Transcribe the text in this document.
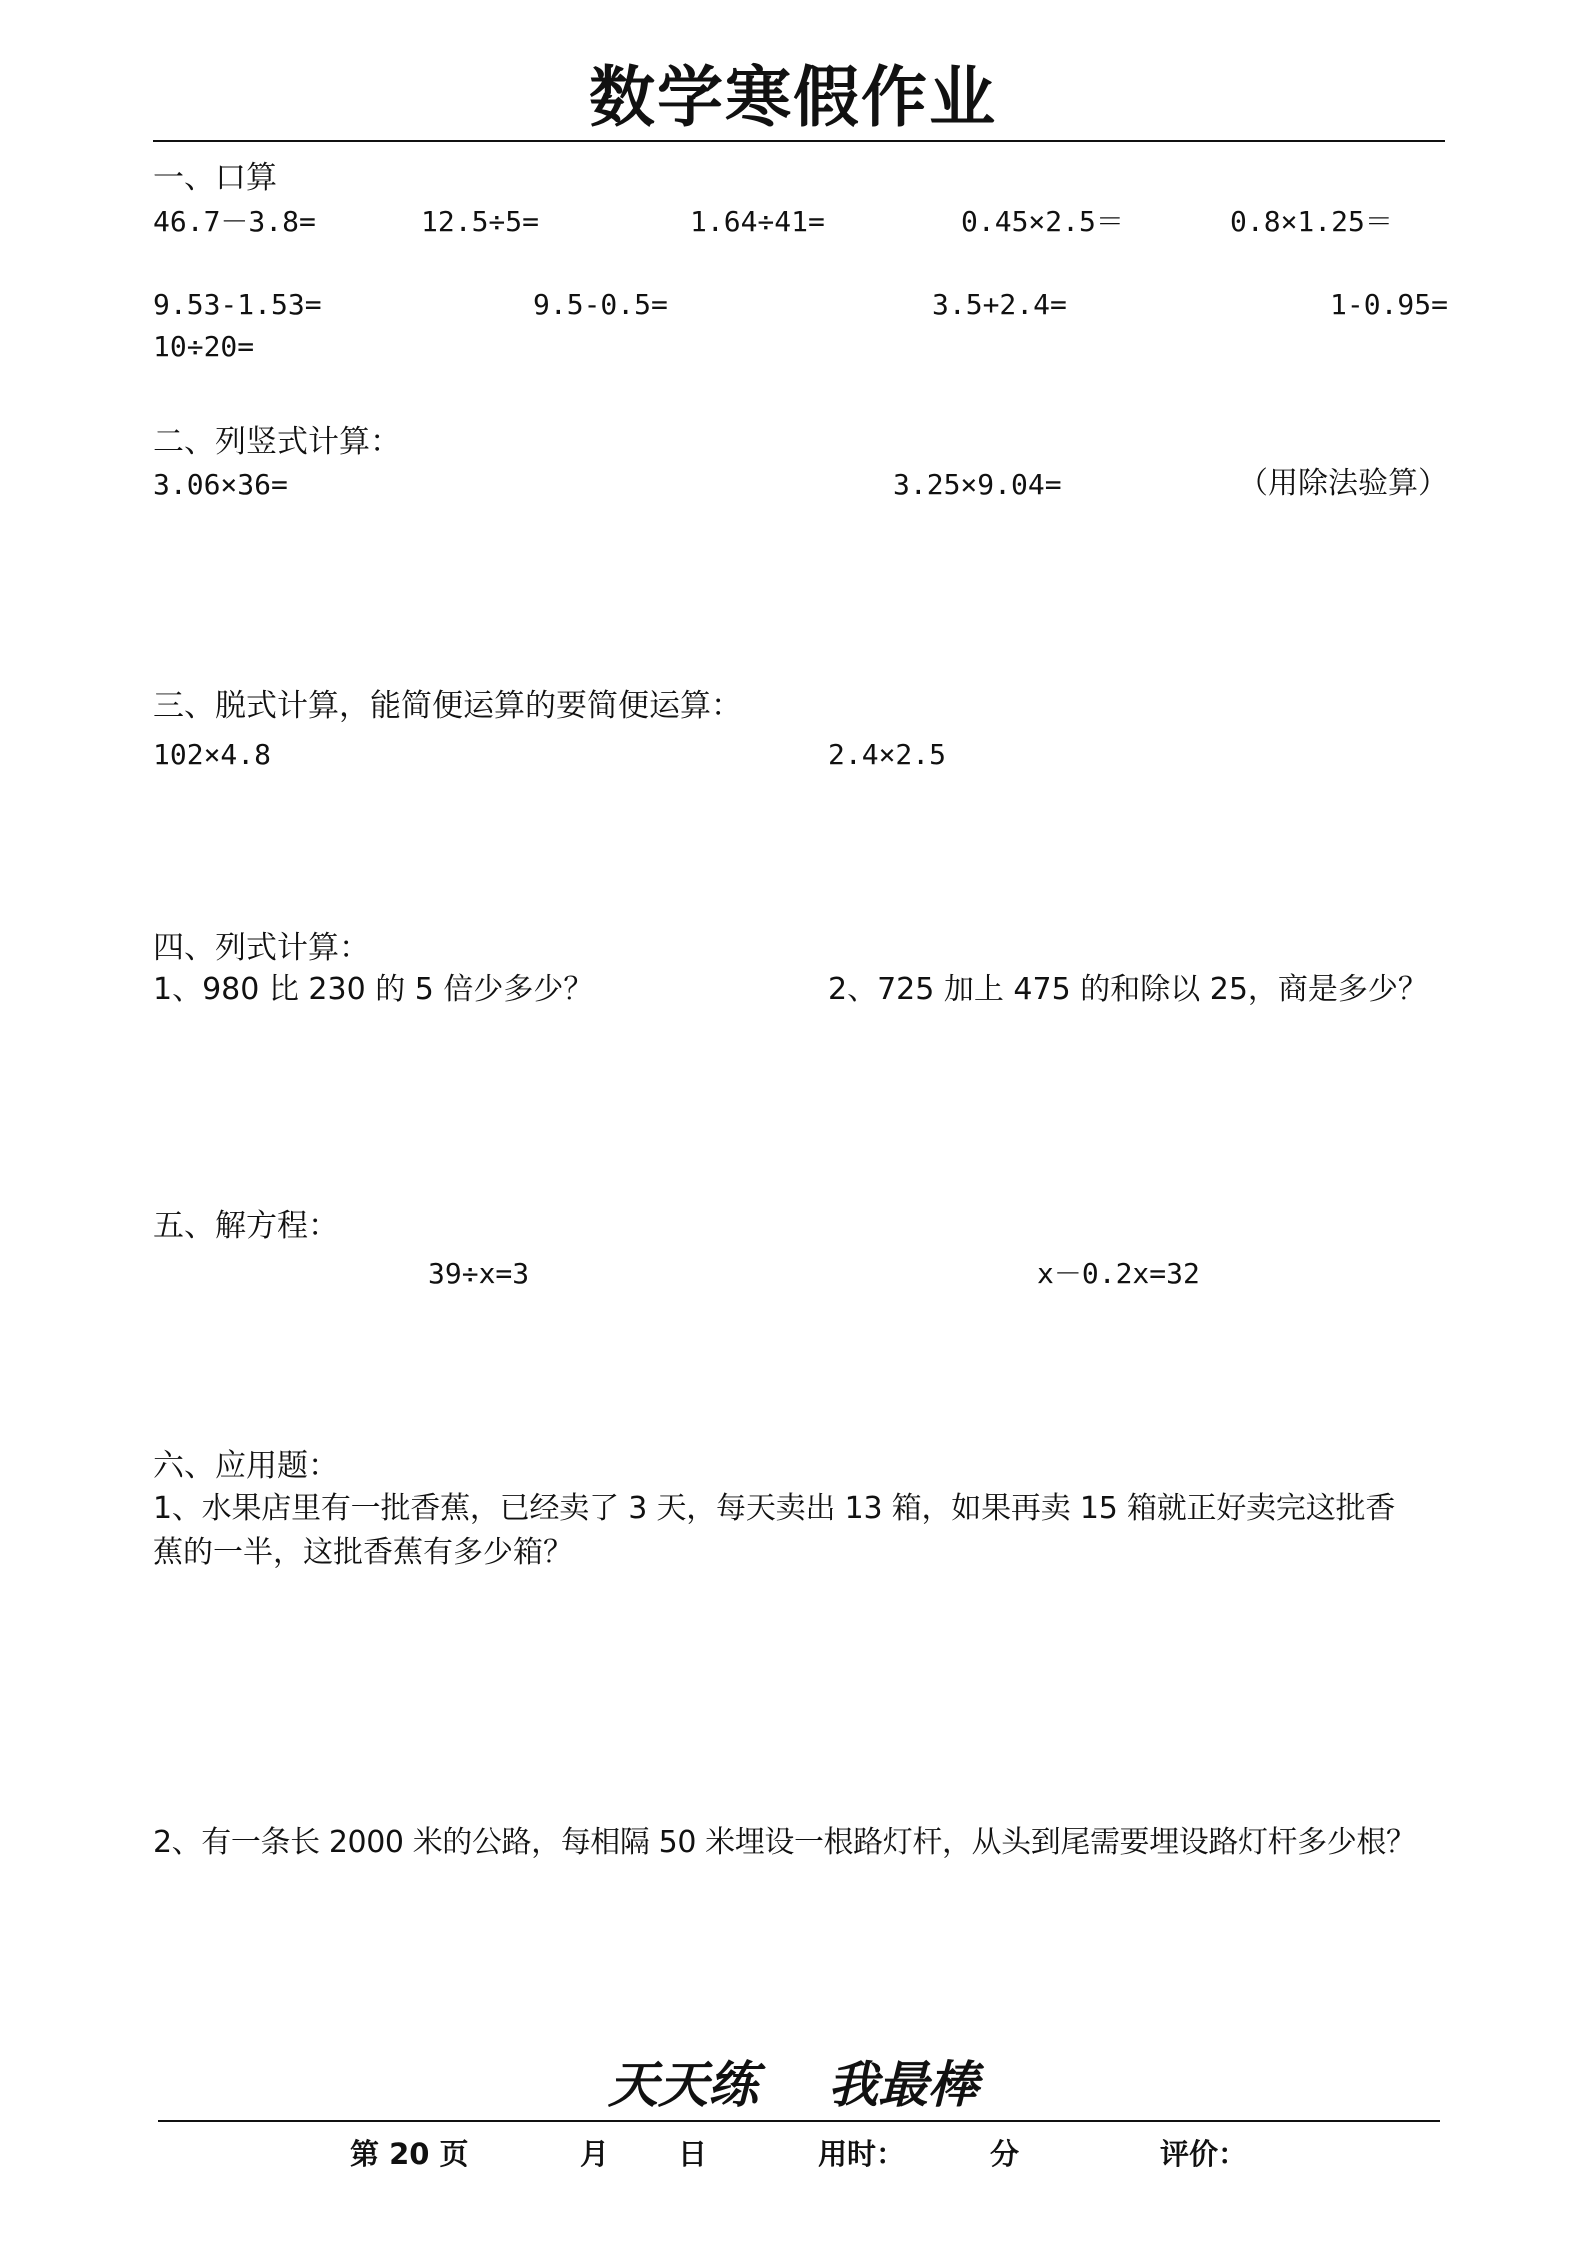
数学寒假作业
一、口算
46.7－3.8=	12.5÷5=	1.64÷41=	0.45×2.5＝	0.8×1.25＝
9.53-1.53=	9.5-0.5=	3.5+2.4=	1-0.95=
10÷20=
二、列竖式计算：
3.06×36=	3.25×9.04=	（用除法验算）
三、脱式计算，能简便运算的要简便运算：
102×4.8	2.4×2.5
四、列式计算：
1、980 比 230 的 5 倍少多少？	2、725 加上 475 的和除以 25，商是多少？
五、解方程：
39÷x=3	x－0.2x=32
六、应用题：
1、水果店里有一批香蕉，已经卖了 3 天，每天卖出 13 箱，如果再卖 15 箱就正好卖完这批香
蕉的一半，这批香蕉有多少箱？
2、有一条长 2000 米的公路，每相隔 50 米埋设一根路灯杆，从头到尾需要埋设路灯杆多少根？
天天练 我最棒
第 20 页	月 日	用时：	分	评价：
